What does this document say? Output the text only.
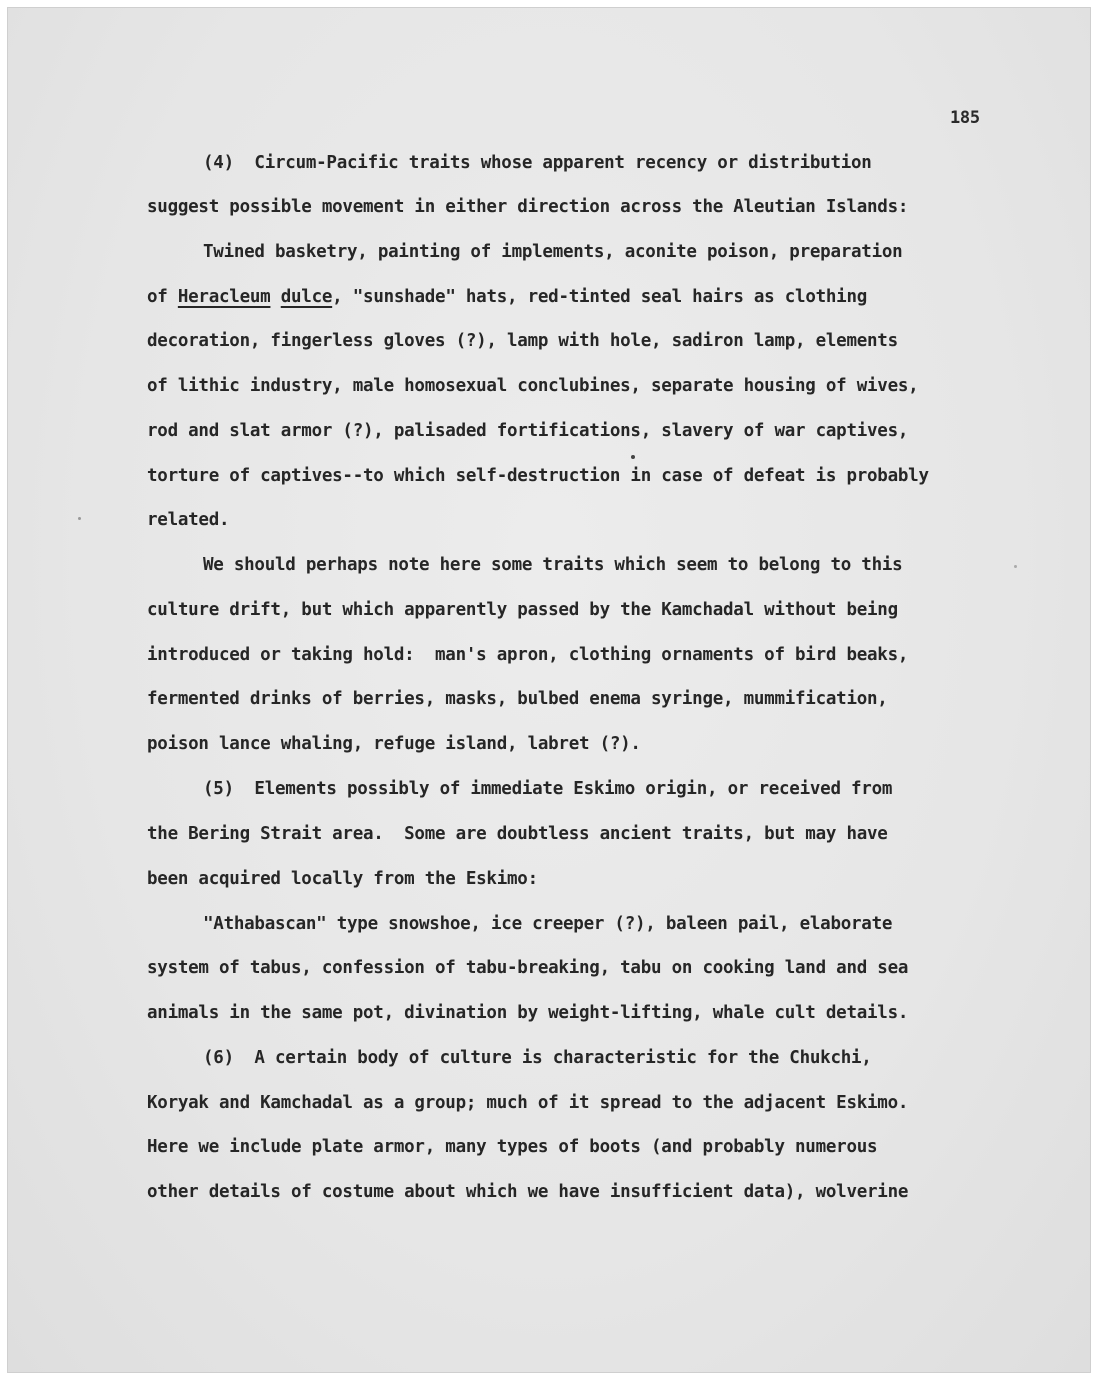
185
(4)  Circum-Pacific traits whose apparent recency or distribution
suggest possible movement in either direction across the Aleutian Islands:
Twined basketry, painting of implements, aconite poison, preparation
of Heracleum dulce, "sunshade" hats, red-tinted seal hairs as clothing
decoration, fingerless gloves (?), lamp with hole, sadiron lamp, elements
of lithic industry, male homosexual conclubines, separate housing of wives,
rod and slat armor (?), palisaded fortifications, slavery of war captives,
torture of captives--to which self-destruction in case of defeat is probably
related.
We should perhaps note here some traits which seem to belong to this
culture drift, but which apparently passed by the Kamchadal without being
introduced or taking hold:  man's apron, clothing ornaments of bird beaks,
fermented drinks of berries, masks, bulbed enema syringe, mummification,
poison lance whaling, refuge island, labret (?).
(5)  Elements possibly of immediate Eskimo origin, or received from
the Bering Strait area.  Some are doubtless ancient traits, but may have
been acquired locally from the Eskimo:
"Athabascan" type snowshoe, ice creeper (?), baleen pail, elaborate
system of tabus, confession of tabu-breaking, tabu on cooking land and sea
animals in the same pot, divination by weight-lifting, whale cult details.
(6)  A certain body of culture is characteristic for the Chukchi,
Koryak and Kamchadal as a group; much of it spread to the adjacent Eskimo.
Here we include plate armor, many types of boots (and probably numerous
other details of costume about which we have insufficient data), wolverine
